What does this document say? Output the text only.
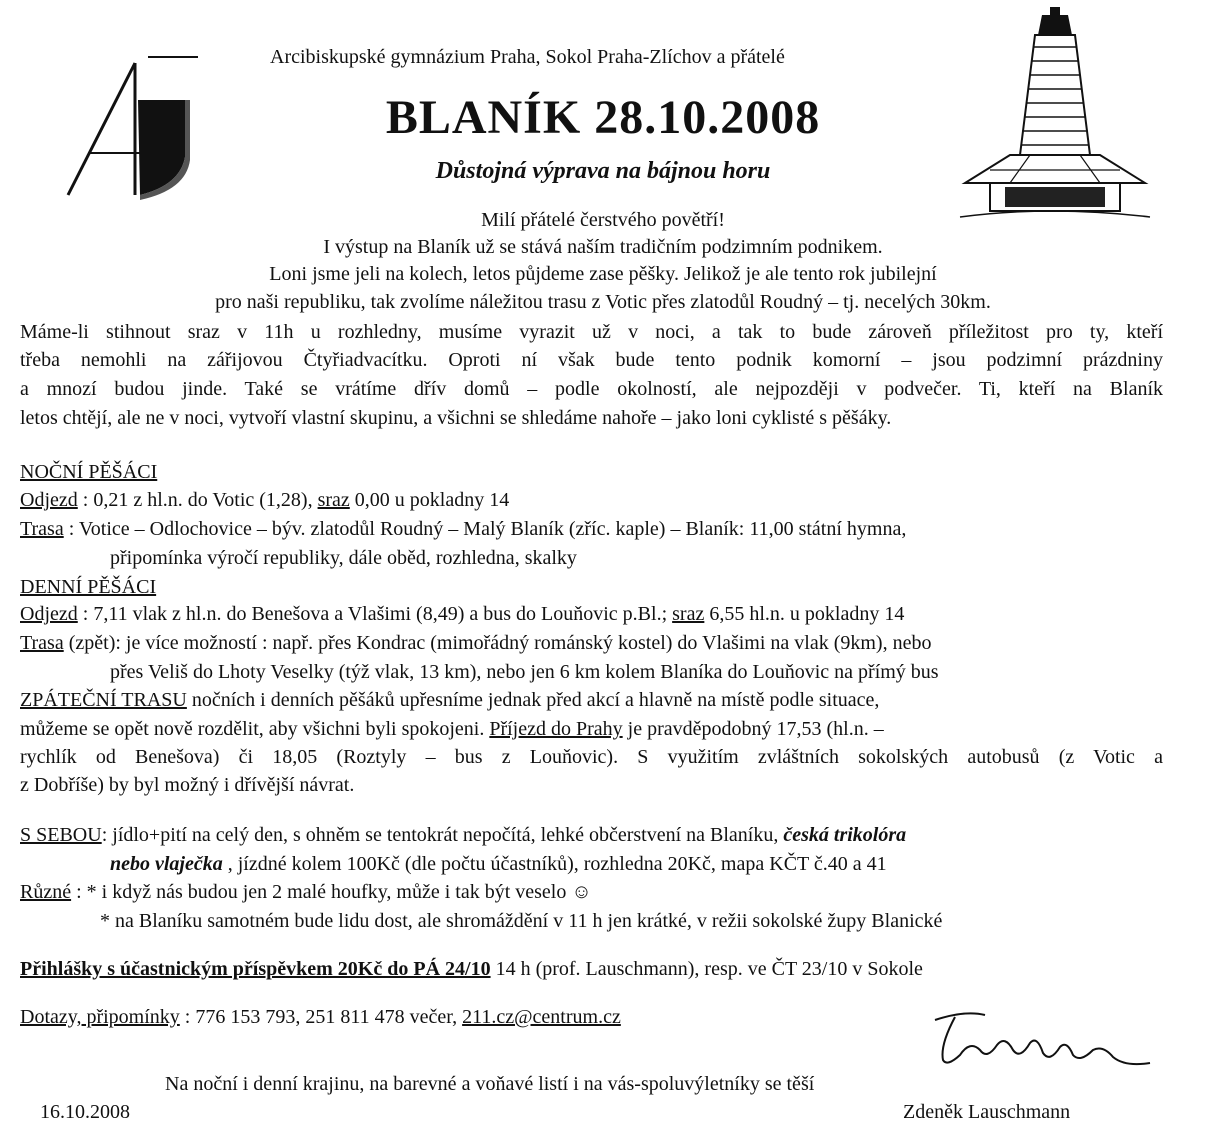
Arcibiskupské gymnázium Praha, Sokol Praha-Zlíchov a přátelé
BLANÍK 28.10.2008
Důstojná výprava na bájnou horu
Milí přátelé čerstvého povětří!
I výstup na Blaník už se stává naším tradičním podzimním podnikem.
Loni jsme jeli na kolech, letos půjdeme zase pěšky. Jelikož je ale tento rok jubilejní
pro naši republiku, tak zvolíme náležitou trasu z Votic přes zlatodůl Roudný – tj. necelých 30km.
Máme-li stihnout sraz v 11h u rozhledny, musíme vyrazit už v noci, a tak to bude zároveň příležitost pro ty, kteří
třeba nemohli na zářijovou Čtyřiadvacítku. Oproti ní však bude tento podnik komorní – jsou podzimní prázdniny
a mnozí budou jinde. Také se vrátíme dřív domů – podle okolností, ale nejpozději v podvečer. Ti, kteří na Blaník
letos chtějí, ale ne v noci, vytvoří vlastní skupinu, a všichni se shledáme nahoře – jako loni cyklisté s pěšáky.
NOČNÍ PĚŠÁCI
Odjezd : 0,21 z hl.n. do Votic (1,28), sraz 0,00 u pokladny 14
Trasa : Votice – Odlochovice – býv. zlatodůl Roudný – Malý Blaník (zříc. kaple) – Blaník: 11,00 státní hymna,
připomínka výročí republiky, dále oběd, rozhledna, skalky
DENNÍ PĚŠÁCI
Odjezd : 7,11 vlak z hl.n. do Benešova a Vlašimi (8,49) a bus do Louňovic p.Bl.; sraz 6,55 hl.n. u pokladny 14
Trasa (zpět): je více možností : např. přes Kondrac (mimořádný románský kostel) do Vlašimi na vlak (9km), nebo
přes Veliš do Lhoty Veselky (týž vlak, 13 km), nebo jen 6 km kolem Blaníka do Louňovic na přímý bus
ZPÁTEČNÍ TRASU nočních i denních pěšáků upřesníme jednak před akcí a hlavně na místě podle situace,
můžeme se opět nově rozdělit, aby všichni byli spokojeni. Příjezd do Prahy je pravděpodobný 17,53 (hl.n. –
rychlík od Benešova) či 18,05 (Roztyly – bus z Louňovic). S využitím zvláštních sokolských autobusů (z Votic a
z Dobříše) by byl možný i dřívější návrat.
S SEBOU: jídlo+pití na celý den, s ohněm se tentokrát nepočítá, lehké občerstvení na Blaníku, česká trikolóra
nebo vlaječka , jízdné kolem 100Kč (dle počtu účastníků), rozhledna 20Kč, mapa KČT č.40 a 41
Různé : * i když nás budou jen 2 malé houfky, může i tak být veselo ☺
* na Blaníku samotném bude lidu dost, ale shromáždění v 11 h jen krátké, v režii sokolské župy Blanické
Přihlášky s účastnickým příspěvkem 20Kč do PÁ 24/10 14 h (prof. Lauschmann), resp. ve ČT 23/10 v Sokole
Dotazy, připomínky : 776 153 793, 251 811 478 večer, 211.cz@centrum.cz
Na noční i denní krajinu, na barevné a voňavé listí i na vás-spoluvýletníky se těší
16.10.2008	Zdeněk Lauschmann
